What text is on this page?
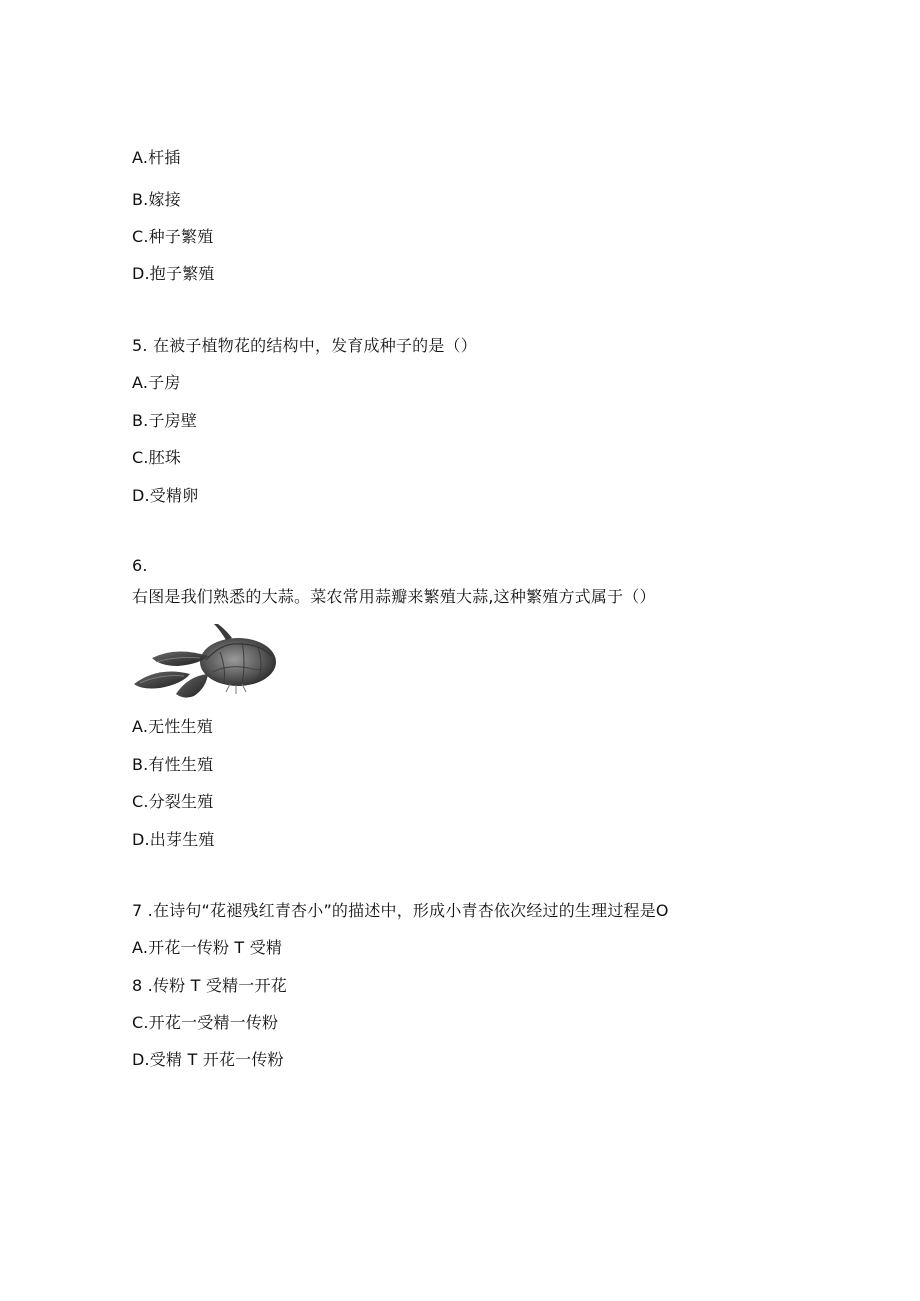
A.杆插
B.嫁接
C.种子繁殖
D.抱子繁殖
5. 在被子植物花的结构中，发育成种子的是（）
A.子房
B.子房壁
C.胚珠
D.受精卵
6.
右图是我们熟悉的大蒜。菜农常用蒜瓣来繁殖大蒜,这种繁殖方式属于（）
A.无性生殖
B.有性生殖
C.分裂生殖
D.出芽生殖
7 .在诗句“花褪残红青杏小”的描述中，形成小青杏依次经过的生理过程是O
A.开花一传粉 T 受精
8 .传粉 T 受精一开花
C.开花一受精一传粉
D.受精 T 开花一传粉
